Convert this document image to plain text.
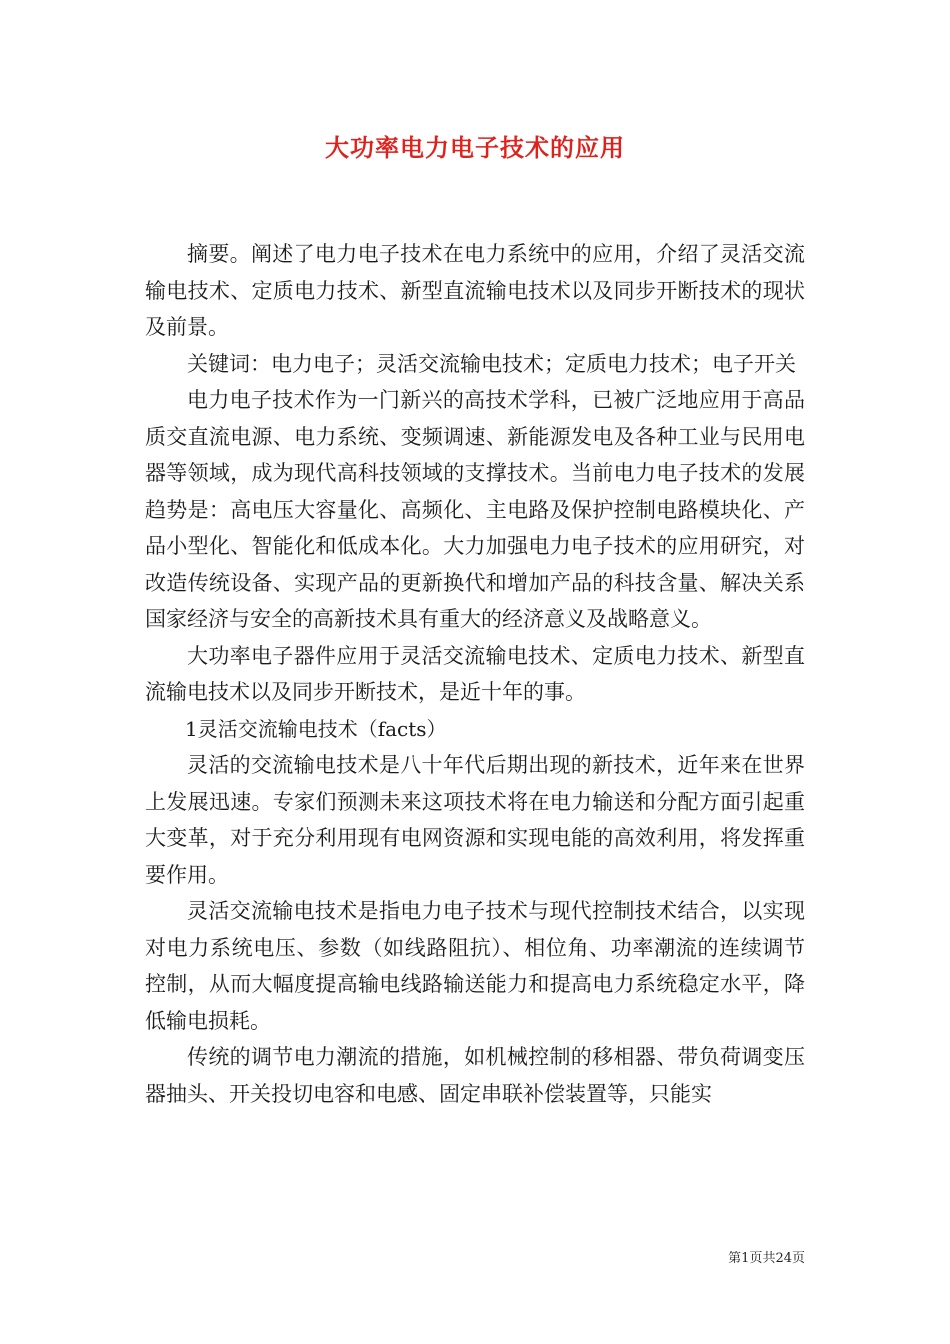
大功率电力电子技术的应用

摘要。阐述了电力电子技术在电力系统中的应用，介绍了灵活交流输电技术、定质电力技术、新型直流输电技术以及同步开断技术的现状及前景。

关键词：电力电子；灵活交流输电技术；定质电力技术；电子开关

电力电子技术作为一门新兴的高技术学科，已被广泛地应用于高品质交直流电源、电力系统、变频调速、新能源发电及各种工业与民用电器等领域，成为现代高科技领域的支撑技术。当前电力电子技术的发展趋势是：高电压大容量化、高频化、主电路及保护控制电路模块化、产品小型化、智能化和低成本化。大力加强电力电子技术的应用研究，对改造传统设备、实现产品的更新换代和增加产品的科技含量、解决关系国家经济与安全的高新技术具有重大的经济意义及战略意义。

大功率电子器件应用于灵活交流输电技术、定质电力技术、新型直流输电技术以及同步开断技术，是近十年的事。

1灵活交流输电技术（facts）

灵活的交流输电技术是八十年代后期出现的新技术，近年来在世界上发展迅速。专家们预测未来这项技术将在电力输送和分配方面引起重大变革，对于充分利用现有电网资源和实现电能的高效利用，将发挥重要作用。

灵活交流输电技术是指电力电子技术与现代控制技术结合，以实现对电力系统电压、参数（如线路阻抗）、相位角、功率潮流的连续调节控制，从而大幅度提高输电线路输送能力和提高电力系统稳定水平，降低输电损耗。

传统的调节电力潮流的措施，如机械控制的移相器、带负荷调变压器抽头、开关投切电容和电感、固定串联补偿装置等，只能实

第1页共24页
